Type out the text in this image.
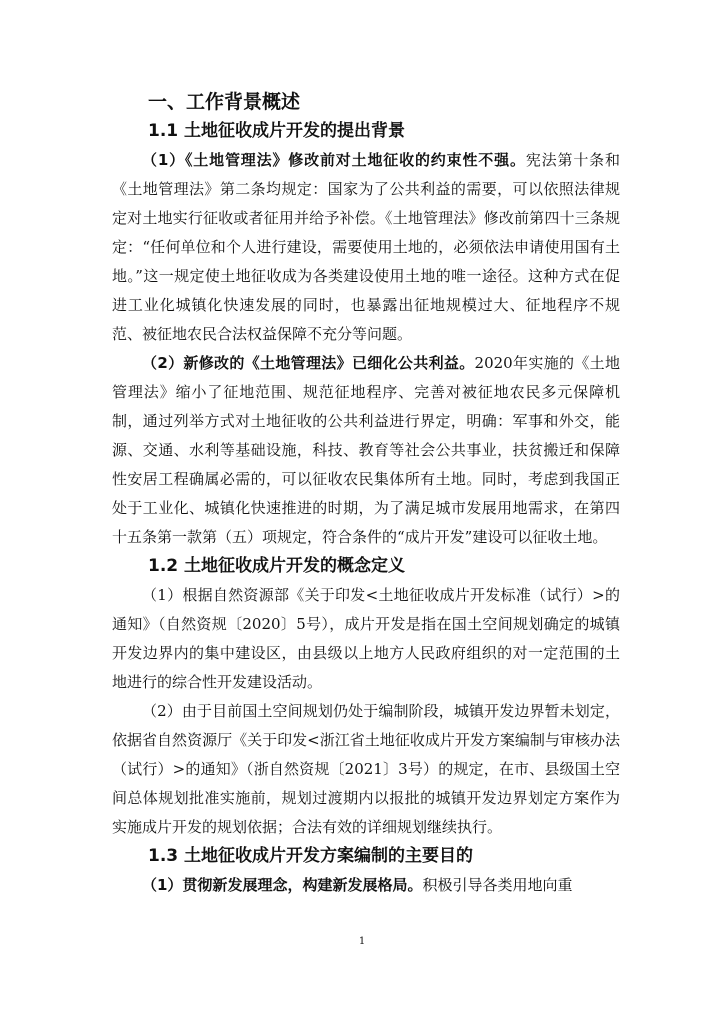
一、工作背景概述
1.1 土地征收成片开发的提出背景

（1）《土地管理法》修改前对土地征收的约束性不强。宪法第十条和《土地管理法》第二条均规定：国家为了公共利益的需要，可以依照法律规定对土地实行征收或者征用并给予补偿。《土地管理法》修改前第四十三条规定：“任何单位和个人进行建设，需要使用土地的，必须依法申请使用国有土地。”这一规定使土地征收成为各类建设使用土地的唯一途径。这种方式在促进工业化城镇化快速发展的同时，也暴露出征地规模过大、征地程序不规范、被征地农民合法权益保障不充分等问题。

（2）新修改的《土地管理法》已细化公共利益。2020年实施的《土地管理法》缩小了征地范围、规范征地程序、完善对被征地农民多元保障机制，通过列举方式对土地征收的公共利益进行界定，明确：军事和外交，能源、交通、水利等基础设施，科技、教育等社会公共事业，扶贫搬迁和保障性安居工程确属必需的，可以征收农民集体所有土地。同时，考虑到我国正处于工业化、城镇化快速推进的时期，为了满足城市发展用地需求，在第四十五条第一款第（五）项规定，符合条件的“成片开发”建设可以征收土地。

1.2 土地征收成片开发的概念定义

（1）根据自然资源部《关于印发<土地征收成片开发标准（试行）>的通知》（自然资规〔2020〕5号），成片开发是指在国土空间规划确定的城镇开发边界内的集中建设区，由县级以上地方人民政府组织的对一定范围的土地进行的综合性开发建设活动。

（2）由于目前国土空间规划仍处于编制阶段，城镇开发边界暂未划定，依据省自然资源厅《关于印发<浙江省土地征收成片开发方案编制与审核办法（试行）>的通知》（浙自然资规〔2021〕3号）的规定，在市、县级国土空间总体规划批准实施前，规划过渡期内以报批的城镇开发边界划定方案作为实施成片开发的规划依据；合法有效的详细规划继续执行。

1.3 土地征收成片开发方案编制的主要目的

（1）贯彻新发展理念，构建新发展格局。积极引导各类用地向重

1
